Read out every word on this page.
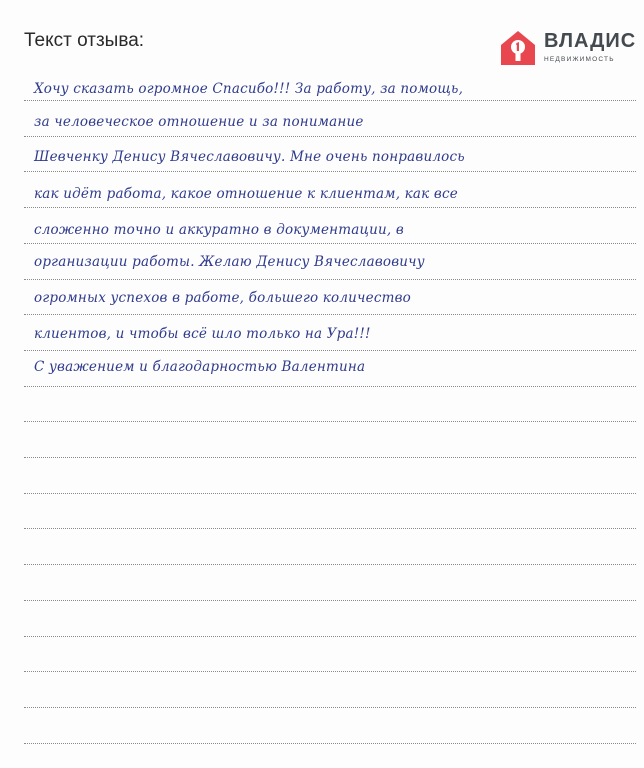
Текст отзыва:	ВЛАДИС
НЕДВИЖИМОСТЬ
Хочу сказать огромное Спасибо!!! За работу, за помощь,
за человеческое отношение и за понимание
Шевченку Денису Вячеславовичу. Мне очень понравилось
как идёт работа, какое отношение к клиентам, как все
сложенно точно и аккуратно в документации, в
организации работы. Желаю Денису Вячеславовичу
огромных успехов в работе, большего количество
клиентов, и чтобы всё шло только на Ура!!!
С уважением и благодарностью Валентина
